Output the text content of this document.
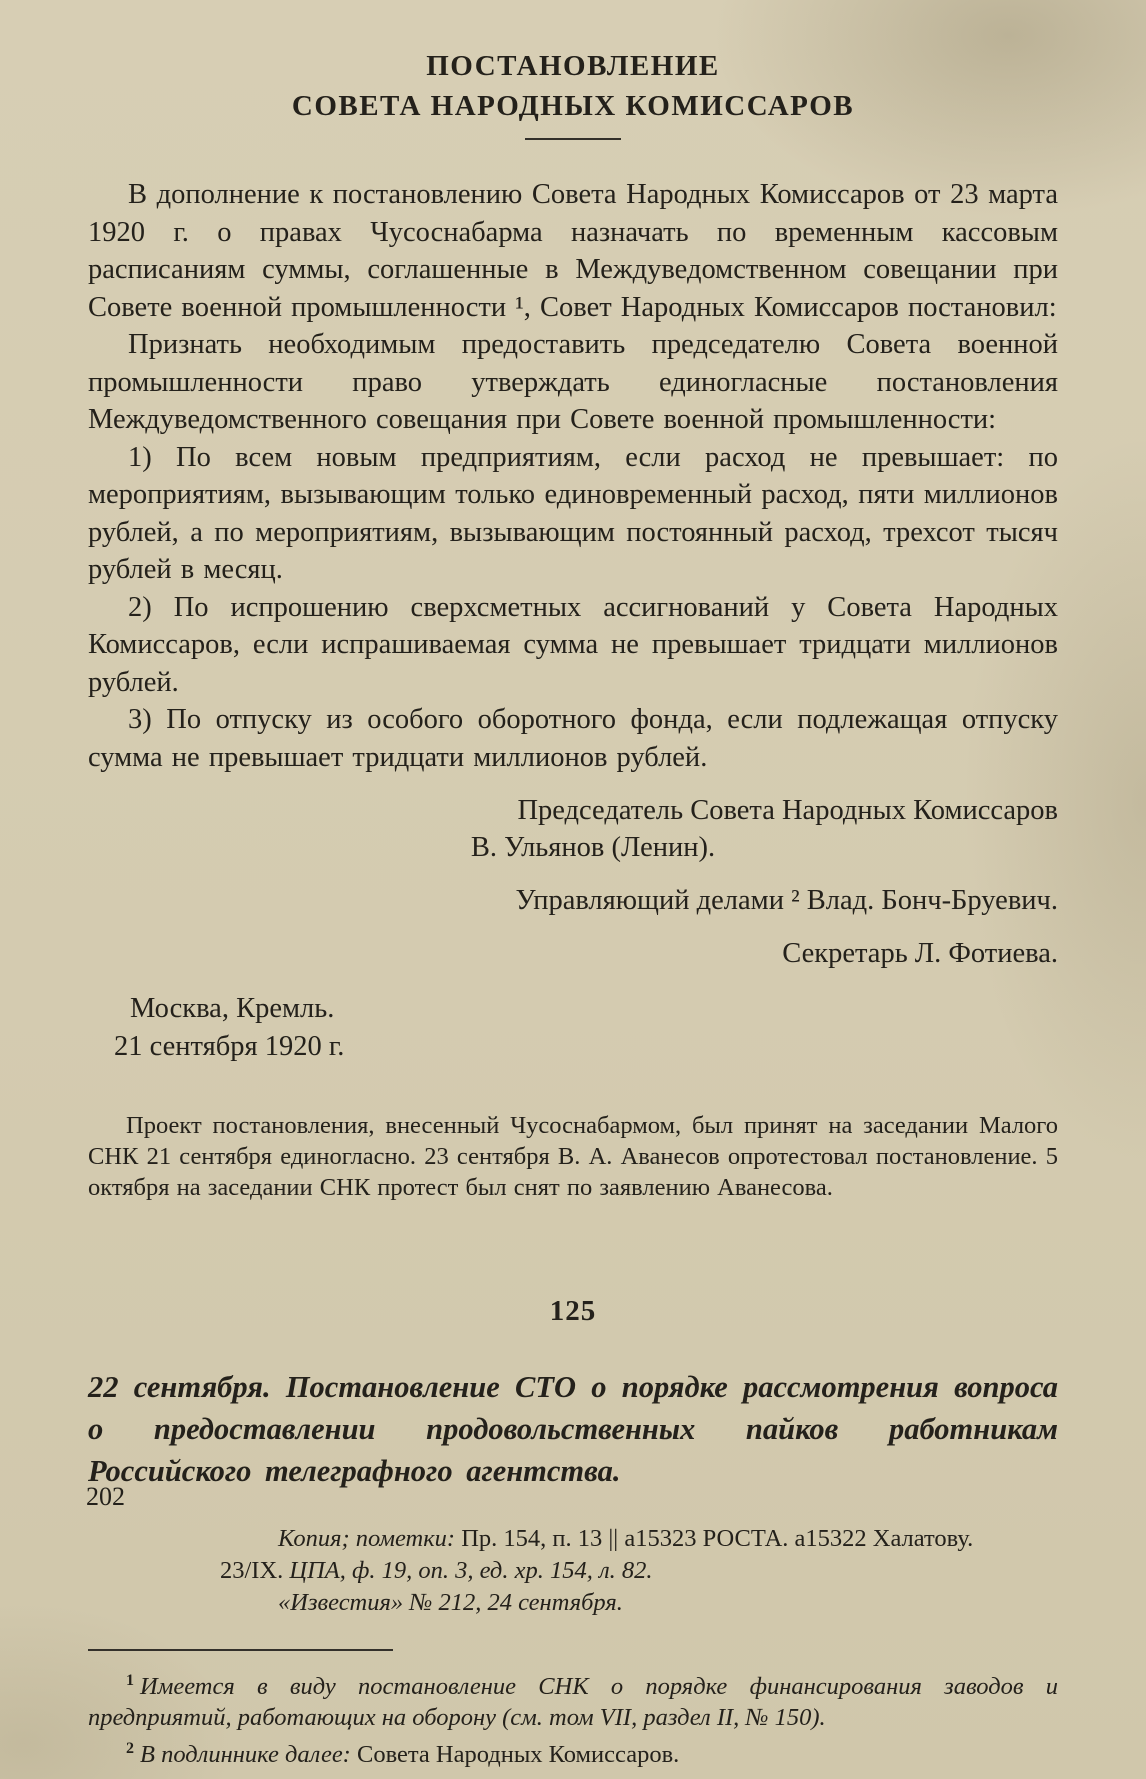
ПОСТАНОВЛЕНИЕ
СОВЕТА НАРОДНЫХ КОМИССАРОВ

В дополнение к постановлению Совета Народных Комиссаров от 23 марта 1920 г. о правах Чусоснабарма назначать по временным кассовым расписаниям суммы, соглашенные в Междуведомственном совещании при Совете военной промышленности ¹, Совет Народных Комиссаров постановил:

Признать необходимым предоставить председателю Совета военной промышленности право утверждать единогласные постановления Междуведомственного совещания при Совете военной промышленности:

1) По всем новым предприятиям, если расход не превышает: по мероприятиям, вызывающим только единовременный расход, пяти миллионов рублей, а по мероприятиям, вызывающим постоянный расход, трехсот тысяч рублей в месяц.

2) По испрошению сверхсметных ассигнований у Совета Народных Комиссаров, если испрашиваемая сумма не превышает тридцати миллионов рублей.

3) По отпуску из особого оборотного фонда, если подлежащая отпуску сумма не превышает тридцати миллионов рублей.

Председатель Совета Народных Комиссаров

В. Ульянов (Ленин).

Управляющий делами ² Влад. Бонч-Бруевич.

Секретарь Л. Фотиева.

Москва, Кремль.

21 сентября 1920 г.

Проект постановления, внесенный Чусоснабармом, был принят на заседании Малого СНК 21 сентября единогласно. 23 сентября В. А. Аванесов опротестовал постановление. 5 октября на заседании СНК протест был снят по заявлению Аванесова.

125

22 сентября. Постановление СТО о порядке рассмотрения вопроса о предоставлении продовольственных пайков работникам Российского телеграфного агентства.

Копия; пометки: Пр. 154, п. 13 || а15323 РОСТА. а15322 Халатову. 23/IX. ЦПА, ф. 19, оп. 3, ед. хр. 154, л. 82.

«Известия» № 212, 24 сентября.

$^1$ Имеется в виду постановление СНК о порядке финансирования заводов и предприятий, работающих на оборону (см. том VII, раздел II, № 150).

$^2$ В подлиннике далее: Совета Народных Комиссаров.

202
